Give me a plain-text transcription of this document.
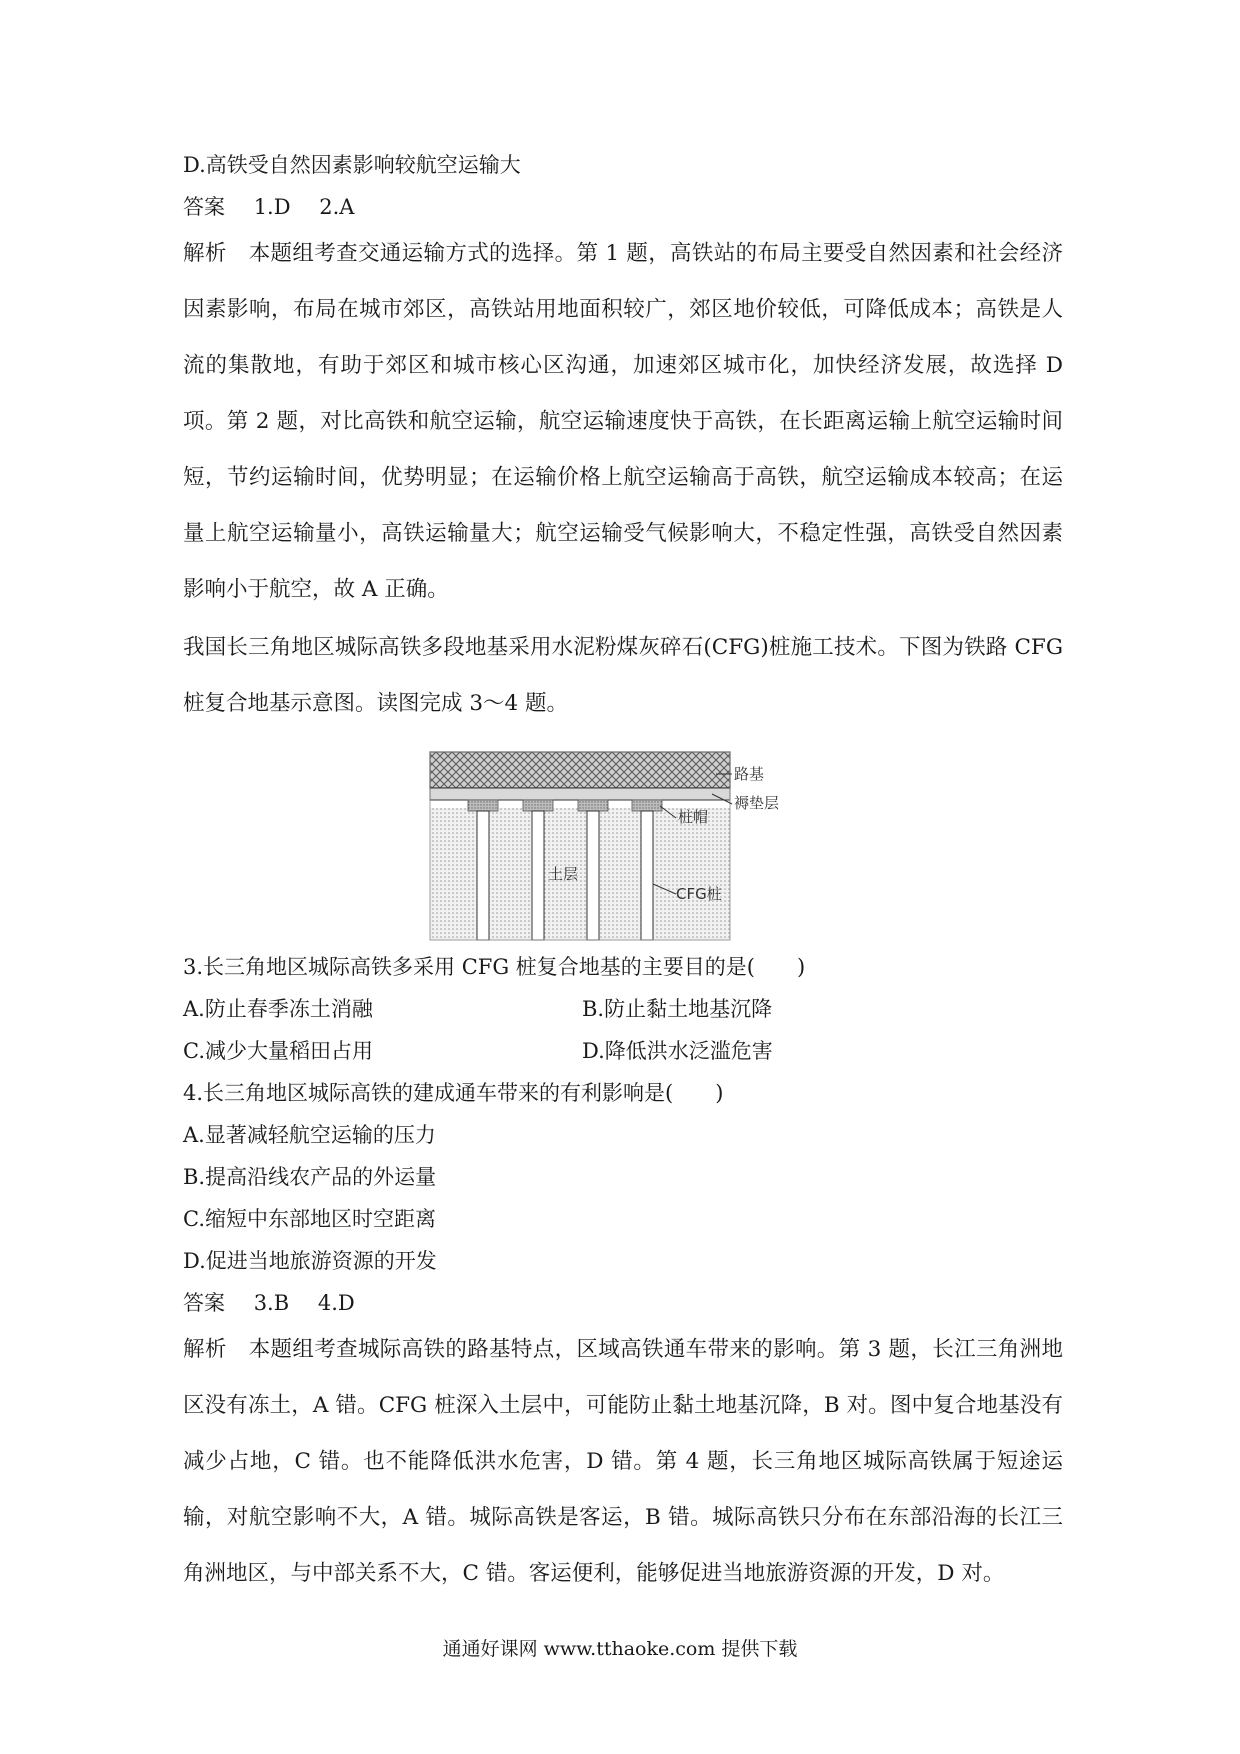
D.高铁受自然因素影响较航空运输大
答案 1.D 2.A
解析 本题组考查交通运输方式的选择。第 1 题，高铁站的布局主要受自然因素和社会经济因素影响，布局在城市郊区，高铁站用地面积较广，郊区地价较低，可降低成本；高铁是人流的集散地，有助于郊区和城市核心区沟通，加速郊区城市化，加快经济发展，故选择 D 项。第 2 题，对比高铁和航空运输，航空运输速度快于高铁，在长距离运输上航空运输时间短，节约运输时间，优势明显；在运输价格上航空运输高于高铁，航空运输成本较高；在运量上航空运输量小，高铁运输量大；航空运输受气候影响大，不稳定性强，高铁受自然因素影响小于航空，故 A 正确。
我国长三角地区城际高铁多段地基采用水泥粉煤灰碎石(CFG)桩施工技术。下图为铁路 CFG 桩复合地基示意图。读图完成 3～4 题。
路基
褥垫层
桩帽
土层
CFG桩
3.长三角地区城际高铁多采用 CFG 桩复合地基的主要目的是(　　)
A.防止春季冻土消融	B.防止黏土地基沉降
C.减少大量稻田占用	D.降低洪水泛滥危害
4.长三角地区城际高铁的建成通车带来的有利影响是(　　)
A.显著减轻航空运输的压力
B.提高沿线农产品的外运量
C.缩短中东部地区时空距离
D.促进当地旅游资源的开发
答案 3.B 4.D
解析 本题组考查城际高铁的路基特点，区域高铁通车带来的影响。第 3 题，长江三角洲地区没有冻土，A 错。CFG 桩深入土层中，可能防止黏土地基沉降，B 对。图中复合地基没有减少占地，C 错。也不能降低洪水危害，D 错。第 4 题，长三角地区城际高铁属于短途运输，对航空影响不大，A 错。城际高铁是客运，B 错。城际高铁只分布在东部沿海的长江三角洲地区，与中部关系不大，C 错。客运便利，能够促进当地旅游资源的开发，D 对。
通通好课网 www.tthaoke.com 提供下载
